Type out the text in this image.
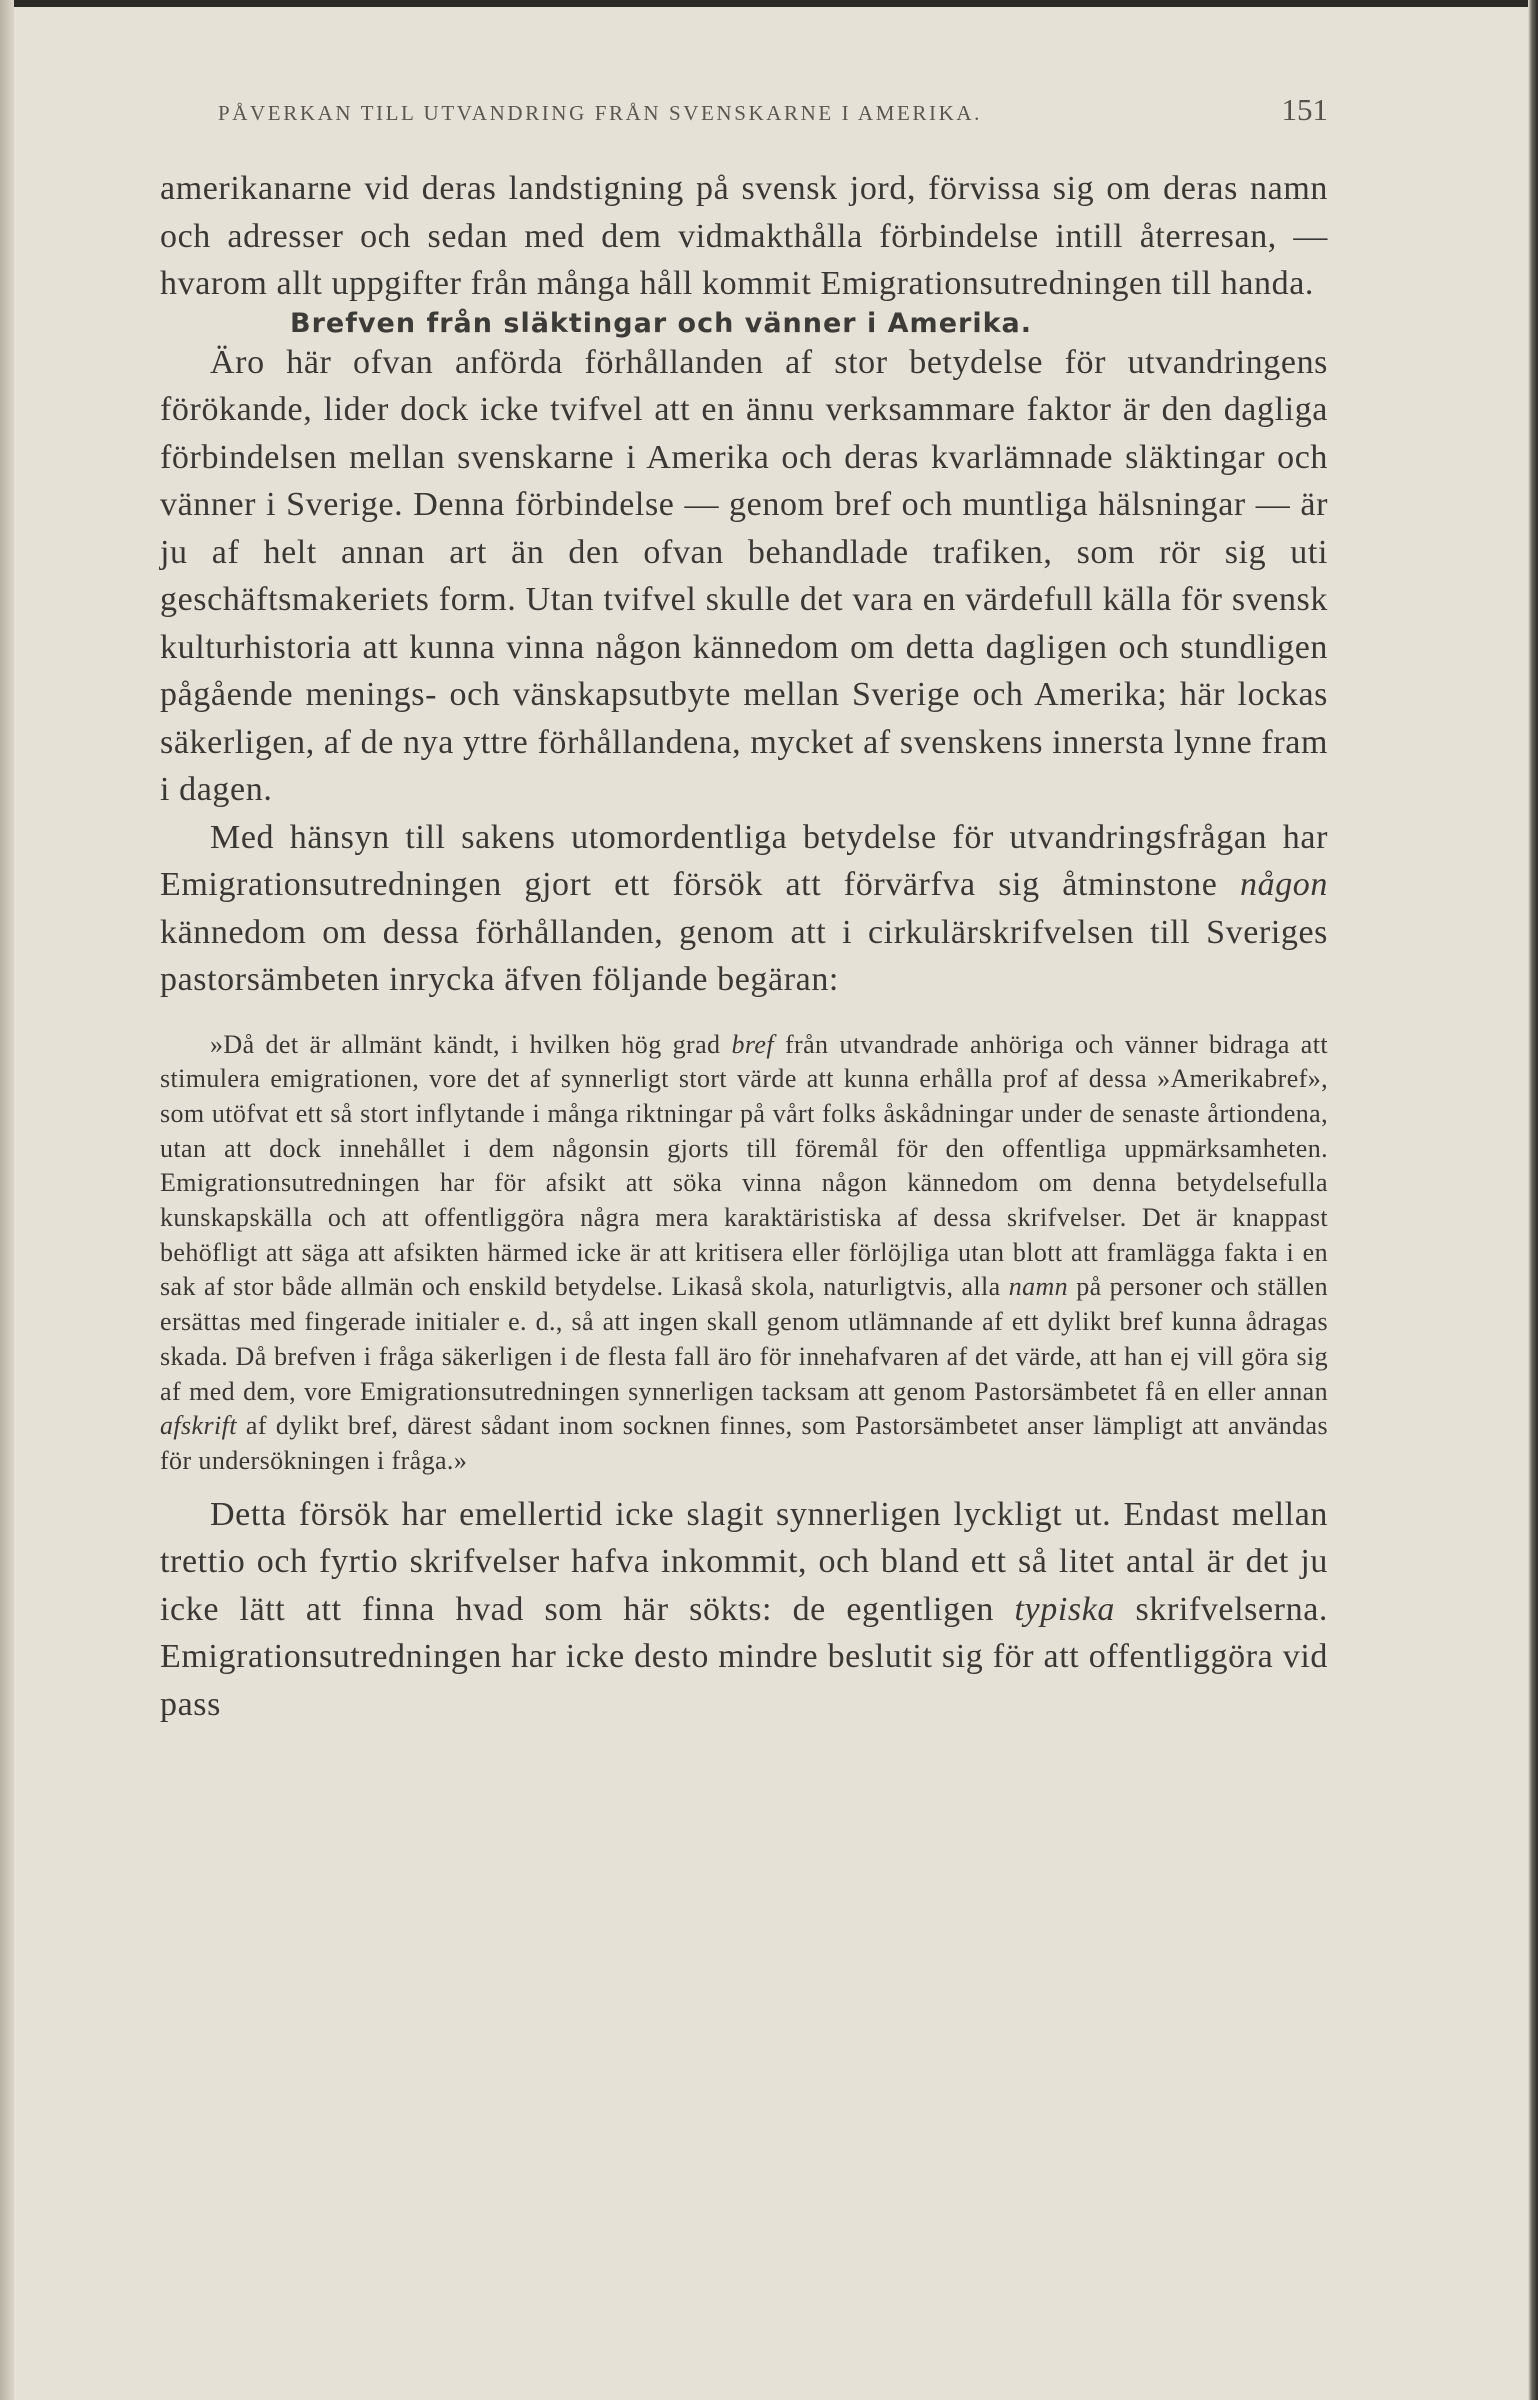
PÅVERKAN TILL UTVANDRING FRÅN SVENSKARNE I AMERIKA.	151

amerikanarne vid deras landstigning på svensk jord, förvissa sig om deras namn och adresser och sedan med dem vidmakthålla förbindelse intill återresan, — hvarom allt uppgifter från många håll kommit Emigrationsutredningen till handa.

Brefven från släktingar och vänner i Amerika.

Äro här ofvan anförda förhållanden af stor betydelse för utvandringens förökande, lider dock icke tvifvel att en ännu verksammare faktor är den dagliga förbindelsen mellan svenskarne i Amerika och deras kvarlämnade släktingar och vänner i Sverige. Denna förbindelse — genom bref och muntliga hälsningar — är ju af helt annan art än den ofvan behandlade trafiken, som rör sig uti geschäftsmakeriets form. Utan tvifvel skulle det vara en värdefull källa för svensk kulturhistoria att kunna vinna någon kännedom om detta dagligen och stundligen pågående menings- och vänskapsutbyte mellan Sverige och Amerika; här lockas säkerligen, af de nya yttre förhållandena, mycket af svenskens innersta lynne fram i dagen.

Med hänsyn till sakens utomordentliga betydelse för utvandringsfrågan har Emigrationsutredningen gjort ett försök att förvärfva sig åtminstone någon kännedom om dessa förhållanden, genom att i cirkulärskrifvelsen till Sveriges pastorsämbeten inrycka äfven följande begäran:

»Då det är allmänt kändt, i hvilken hög grad bref från utvandrade anhöriga och vänner bidraga att stimulera emigrationen, vore det af synnerligt stort värde att kunna erhålla prof af dessa »Amerikabref», som utöfvat ett så stort inflytande i många riktningar på vårt folks åskådningar under de senaste årtiondena, utan att dock innehållet i dem någonsin gjorts till föremål för den offentliga uppmärksamheten. Emigrationsutredningen har för afsikt att söka vinna någon kännedom om denna betydelsefulla kunskapskälla och att offentliggöra några mera karaktäristiska af dessa skrifvelser. Det är knappast behöfligt att säga att afsikten härmed icke är att kritisera eller förlöjliga utan blott att framlägga fakta i en sak af stor både allmän och enskild betydelse. Likaså skola, naturligtvis, alla namn på personer och ställen ersättas med fingerade initialer e. d., så att ingen skall genom utlämnande af ett dylikt bref kunna ådragas skada. Då brefven i fråga säkerligen i de flesta fall äro för innehafvaren af det värde, att han ej vill göra sig af med dem, vore Emigrationsutredningen synnerligen tacksam att genom Pastorsämbetet få en eller annan afskrift af dylikt bref, därest sådant inom socknen finnes, som Pastorsämbetet anser lämpligt att användas för undersökningen i fråga.»

Detta försök har emellertid icke slagit synnerligen lyckligt ut. Endast mellan trettio och fyrtio skrifvelser hafva inkommit, och bland ett så litet antal är det ju icke lätt att finna hvad som här sökts: de egentligen typiska skrifvelserna. Emigrationsutredningen har icke desto mindre beslutit sig för att offentliggöra vid pass
